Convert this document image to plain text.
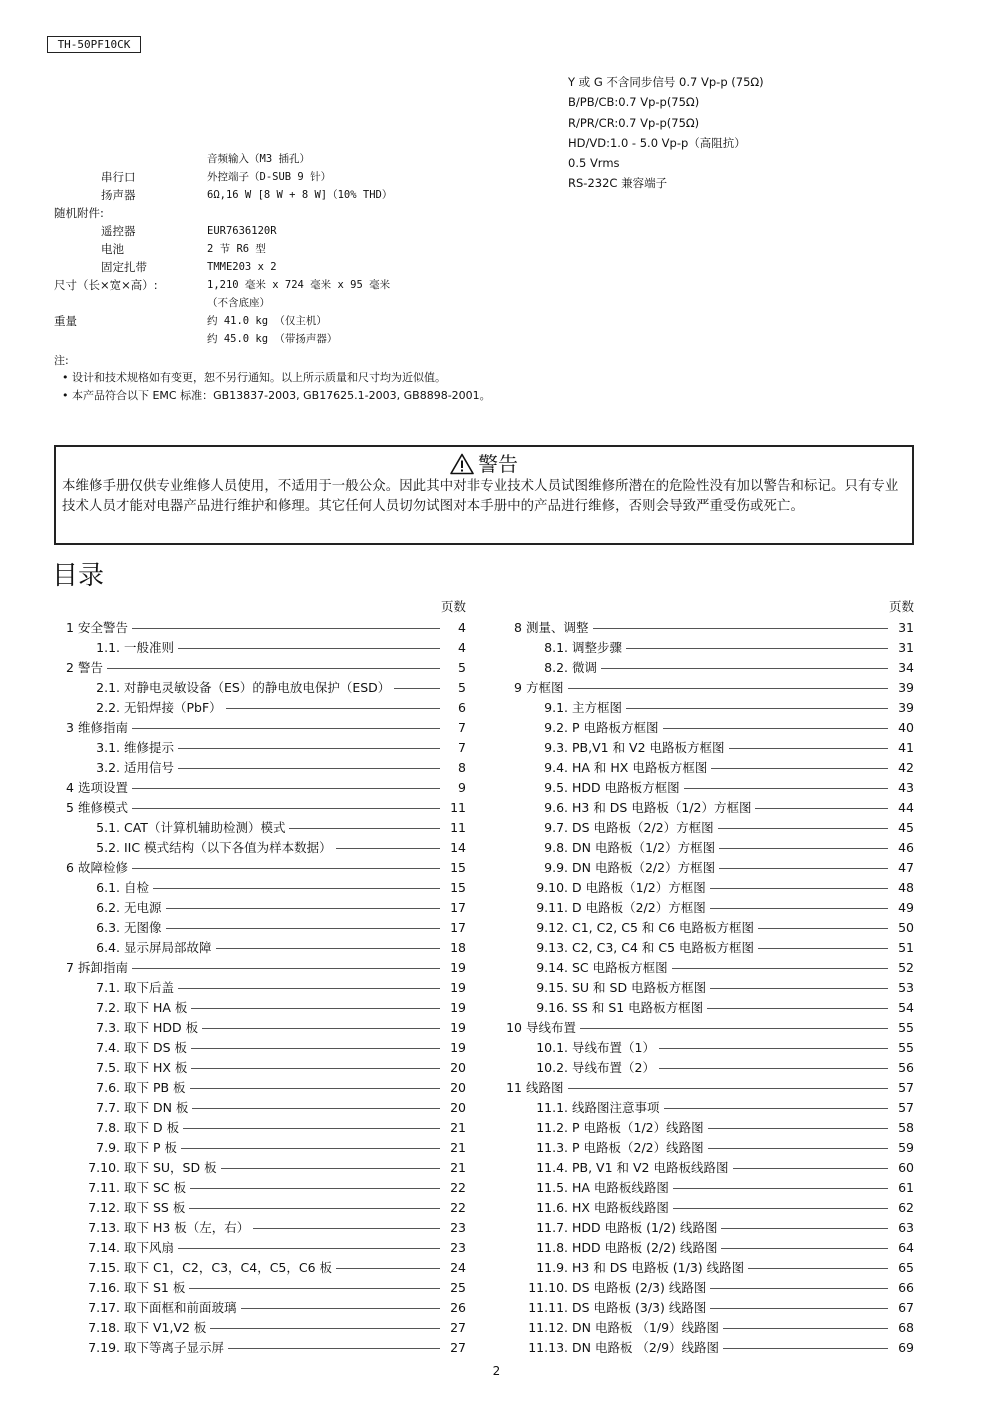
TH-50PF10CK
Y 或 G 不含同步信号 0.7 Vp-p (75Ω)
B/PB/CB:0.7 Vp-p(75Ω)
R/PR/CR:0.7 Vp-p(75Ω)
HD/VD:1.0 - 5.0 Vp-p（高阻抗）
0.5 Vrms
RS-232C 兼容端子
音频输入（M3 插孔）
串行口	外控端子（D-SUB 9 针）
扬声器	6Ω,16 W [8 W + 8 W]（10% THD）
随机附件:
遥控器	EUR7636120R
电池	2 节 R6 型
固定扎带	TMME203 x 2
尺寸（长×宽×高）:	1,210 毫米 x 724 毫米 x 95 毫米
（不含底座）
重量	约 41.0 kg （仅主机）
约 45.0 kg （带扬声器）
注:
• 设计和技术规格如有变更，恕不另行通知。以上所示质量和尺寸均为近似值。
• 本产品符合以下 EMC 标准：GB13837-2003, GB17625.1-2003, GB8898-2001。
警告
本维修手册仅供专业维修人员使用，不适用于一般公众。因此其中对非专业技术人员试图维修所潜在的危险性没有加以警告和标记。只有专业技术人员才能对电器产品进行维护和修理。其它任何人员切勿试图对本手册中的产品进行维修，否则会导致严重受伤或死亡。
目录
页数
1 安全警告	4
1.1. 一般准则	4
2 警告	5
2.1. 对静电灵敏设备（ES）的静电放电保护（ESD）	5
2.2. 无铅焊接（PbF）	6
3 维修指南	7
3.1. 维修提示	7
3.2. 适用信号	8
4 选项设置	9
5 维修模式	11
5.1. CAT（计算机辅助检测）模式	11
5.2. IIC 模式结构（以下各值为样本数据）	14
6 故障检修	15
6.1. 自检	15
6.2. 无电源	17
6.3. 无图像	17
6.4. 显示屏局部故障	18
7 拆卸指南	19
7.1. 取下后盖	19
7.2. 取下 HA 板	19
7.3. 取下 HDD 板	19
7.4. 取下 DS 板	19
7.5. 取下 HX 板	20
7.6. 取下 PB 板	20
7.7. 取下 DN 板	20
7.8. 取下 D 板	21
7.9. 取下 P 板	21
7.10. 取下 SU，SD 板	21
7.11. 取下 SC 板	22
7.12. 取下 SS 板	22
7.13. 取下 H3 板（左，右）	23
7.14. 取下风扇	23
7.15. 取下 C1，C2，C3，C4，C5，C6 板	24
7.16. 取下 S1 板	25
7.17. 取下面框和前面玻璃	26
7.18. 取下 V1,V2 板	27
7.19. 取下等离子显示屏	27
页数
8 测量、调整	31
8.1. 调整步骤	31
8.2. 微调	34
9 方框图	39
9.1. 主方框图	39
9.2. P 电路板方框图	40
9.3. PB,V1 和 V2 电路板方框图	41
9.4. HA 和 HX 电路板方框图	42
9.5. HDD 电路板方框图	43
9.6. H3 和 DS 电路板（1/2）方框图	44
9.7. DS 电路板（2/2）方框图	45
9.8. DN 电路板（1/2）方框图	46
9.9. DN 电路板（2/2）方框图	47
9.10. D 电路板（1/2）方框图	48
9.11. D 电路板（2/2）方框图	49
9.12. C1, C2, C5 和 C6 电路板方框图	50
9.13. C2, C3, C4 和 C5 电路板方框图	51
9.14. SC 电路板方框图	52
9.15. SU 和 SD 电路板方框图	53
9.16. SS 和 S1 电路板方框图	54
10 导线布置	55
10.1. 导线布置（1）	55
10.2. 导线布置（2）	56
11 线路图	57
11.1. 线路图注意事项	57
11.2. P 电路板（1/2）线路图	58
11.3. P 电路板（2/2）线路图	59
11.4. PB, V1 和 V2 电路板线路图	60
11.5. HA 电路板线路图	61
11.6. HX 电路板线路图	62
11.7. HDD 电路板 (1/2) 线路图	63
11.8. HDD 电路板 (2/2) 线路图	64
11.9. H3 和 DS 电路板 (1/3) 线路图	65
11.10. DS 电路板 (2/3) 线路图	66
11.11. DS 电路板 (3/3) 线路图	67
11.12. DN 电路板 （1/9）线路图	68
11.13. DN 电路板 （2/9）线路图	69
2
